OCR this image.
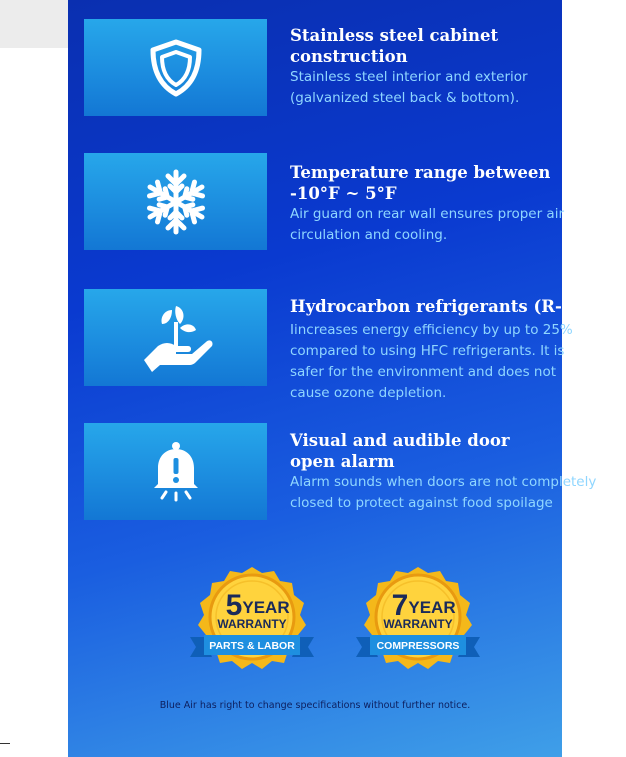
Stainless steel cabinet
construction

Stainless steel interior and exterior
(galvanized steel back & bottom).

Temperature range between
-10°F ~ 5°F

Air guard on rear wall ensures proper air
circulation and cooling.

Hydrocarbon refrigerants (R-290)

Iincreases energy efficiency by up to 25%
compared to using HFC refrigerants. It is
safer for the environment and does not
cause ozone depletion.

Visual and audible door
open alarm

Alarm sounds when doors are not completely
closed to protect against food spoilage

5 YEAR
WARRANTY
PARTS & LABOR
7 YEAR
WARRANTY
COMPRESSORS
Blue Air has right to change specifications without further notice.
